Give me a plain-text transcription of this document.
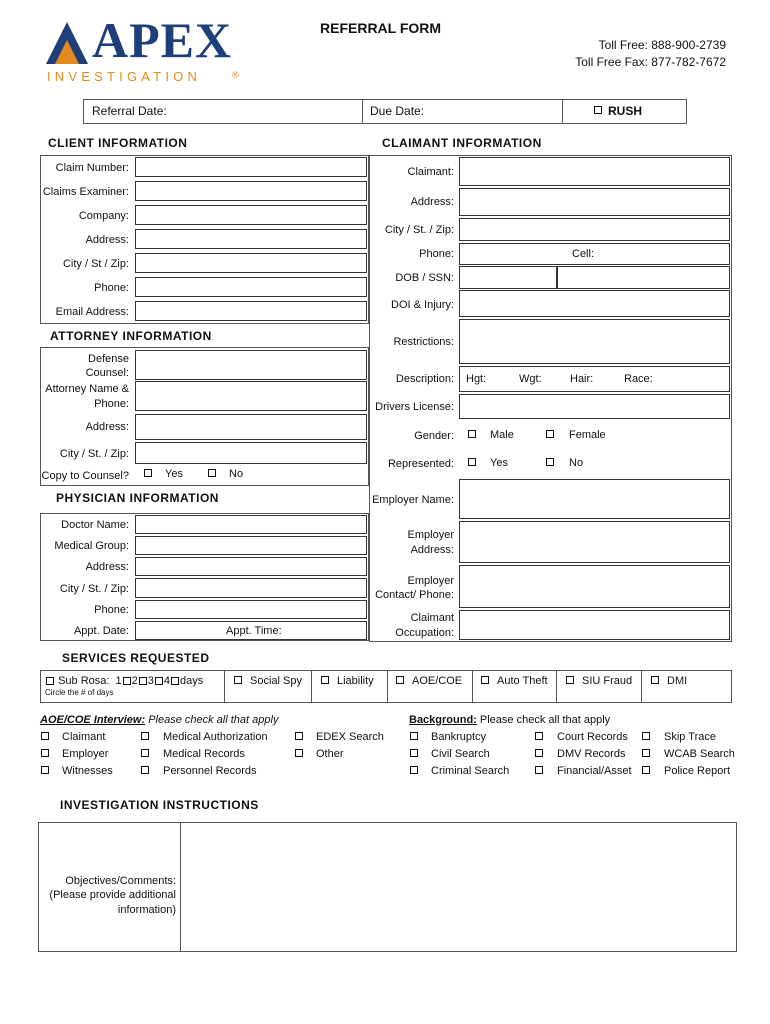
APEX
INVESTIGATION	®
REFERRAL FORM
Toll Free: 888-900-2739
Toll Free Fax: 877-782-7672
Referral Date:	Due Date:	RUSH
CLIENT INFORMATION
Claim Number:
Claims Examiner:
Company:
Address:
City / St / Zip:
Phone:
Email Address:
ATTORNEY INFORMATION
Defense
Counsel:
Attorney Name &
Phone:
Address:
City / St. / Zip:
Copy to Counsel?	Yes	No
PHYSICIAN INFORMATION
Doctor Name:
Medical Group:
Address:
City / St. / Zip:
Phone:
Appt. Date:	Appt. Time:
CLAIMANT INFORMATION
Claimant:
Address:
City / St. / Zip:
Phone:	Cell:
DOB / SSN:
DOI & Injury:
Restrictions:
Description: Hgt:	Wgt:	Hair:	Race:
Drivers License:
Gender:	Male	Female
Represented:	Yes	No
Employer Name:
Employer
Address:
Employer
Contact/ Phone:
Claimant
Occupation:
SERVICES REQUESTED
Sub Rosa: 1 2 3 4 days
Circle the # of days
Social Spy	Liability	AOE/COE	Auto Theft	SIU Fraud	DMI
AOE/COE Interview: Please check all that apply
Claimant
Employer
Witnesses
Medical Authorization
Medical Records
Personnel Records
EDEX Search
Other
Background: Please check all that apply
Bankruptcy
Civil Search
Criminal Search
Court Records
DMV Records
Financial/Asset
Skip Trace
WCAB Search
Police Report
INVESTIGATION INSTRUCTIONS
Objectives/Comments:
(Please provide additional
information)
